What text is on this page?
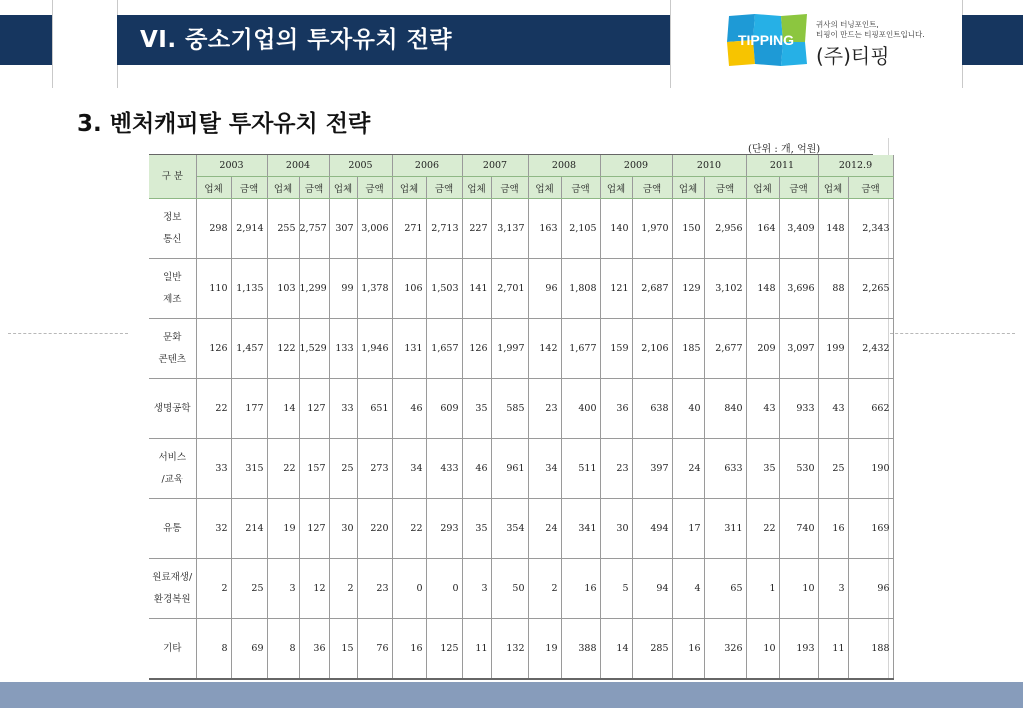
VI. 중소기업의 투자유치 전략	TIPPING
귀사의 터닝포인트,
티핑이 만드는 티핑포인트입니다.
(주)티핑
3. 벤처캐피탈 투자유치 전략
(단위 : 개, 억원)
구 분	2003		2004		2005		2006		2007		2008		2009		2010		2011		2012.9	
	업체	금액	업체	금액	업체	금액	업체	금액	업체	금액	업체	금액	업체	금액	업체	금액	업체	금액	업체	금액

정보
통신	298	2,914	255	2,757	307	3,006	271	2,713	227	3,137	163	2,105	140	1,970	150	2,956	164	3,409	148	2,343

일반
제조	110	1,135	103	1,299	99	1,378	106	1,503	141	2,701	96	1,808	121	2,687	129	3,102	148	3,696	88	2,265

문화
콘텐츠	126	1,457	122	1,529	133	1,946	131	1,657	126	1,997	142	1,677	159	2,106	185	2,677	209	3,097	199	2,432

생명공학	22	177	14	127	33	651	46	609	35	585	23	400	36	638	40	840	43	933	43	662

서비스
/교육	33	315	22	157	25	273	34	433	46	961	34	511	23	397	24	633	35	530	25	190

유통	32	214	19	127	30	220	22	293	35	354	24	341	30	494	17	311	22	740	16	169

원료재생/
환경복원	2	25	3	12	2	23	0	0	3	50	2	16	5	94	4	65	1	10	3	96

기타	8	69	8	36	15	76	16	125	11	132	19	388	14	285	16	326	10	193	11	188
